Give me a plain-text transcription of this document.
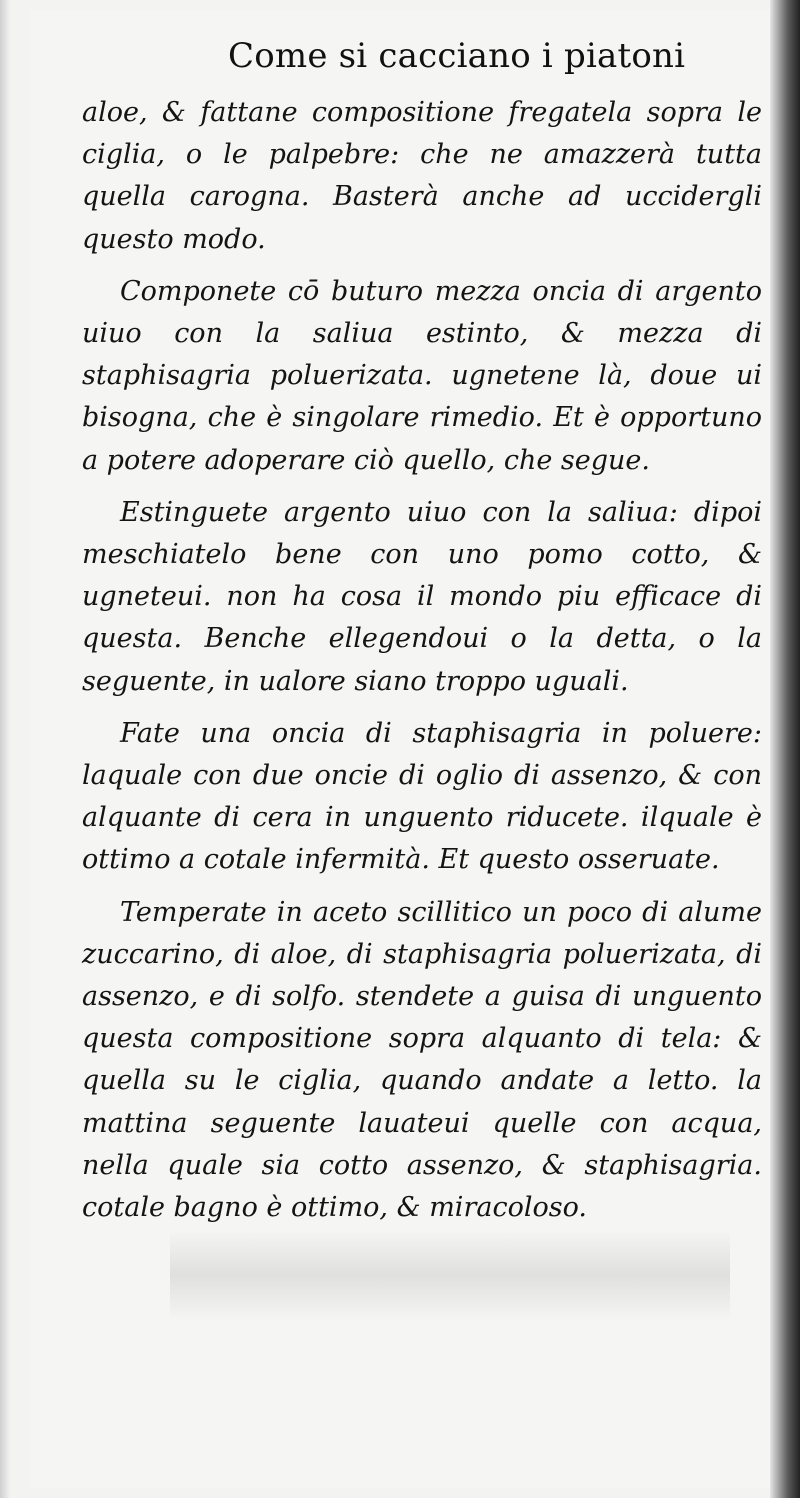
Come si cacciano i piatoni

aloe, & fattane compositione fregatela sopra le ciglia, o le palpebre: che ne amazzerà tutta quella carogna. Basterà anche ad uccidergli questo modo.

Componete cō buturo mezza oncia di argento uiuo con la saliua estinto, & mezza di staphisagria poluerizata. ugnetene là, doue ui bisogna, che è singolare rimedio. Et è opportuno a potere adoperare ciò quello, che segue.

Estinguete argento uiuo con la saliua: dipoi meschiatelo bene con uno pomo cotto, & ugneteui. non ha cosa il mondo piu efficace di questa. Benche ellegendoui o la detta, o la seguente, in ualore siano troppo uguali.

Fate una oncia di staphisagria in poluere: laquale con due oncie di oglio di assenzo, & con alquante di cera in unguento riducete. ilquale è ottimo a cotale infermità. Et questo osseruate.

Temperate in aceto scillitico un poco di alume zuccarino, di aloe, di staphisagria poluerizata, di assenzo, e di solfo. stendete a guisa di unguento questa compositione sopra alquanto di tela: & quella su le ciglia, quando andate a letto. la mattina seguente lauateui quelle con acqua, nella quale sia cotto assenzo, & staphisagria. cotale bagno è ottimo, & miracoloso.
